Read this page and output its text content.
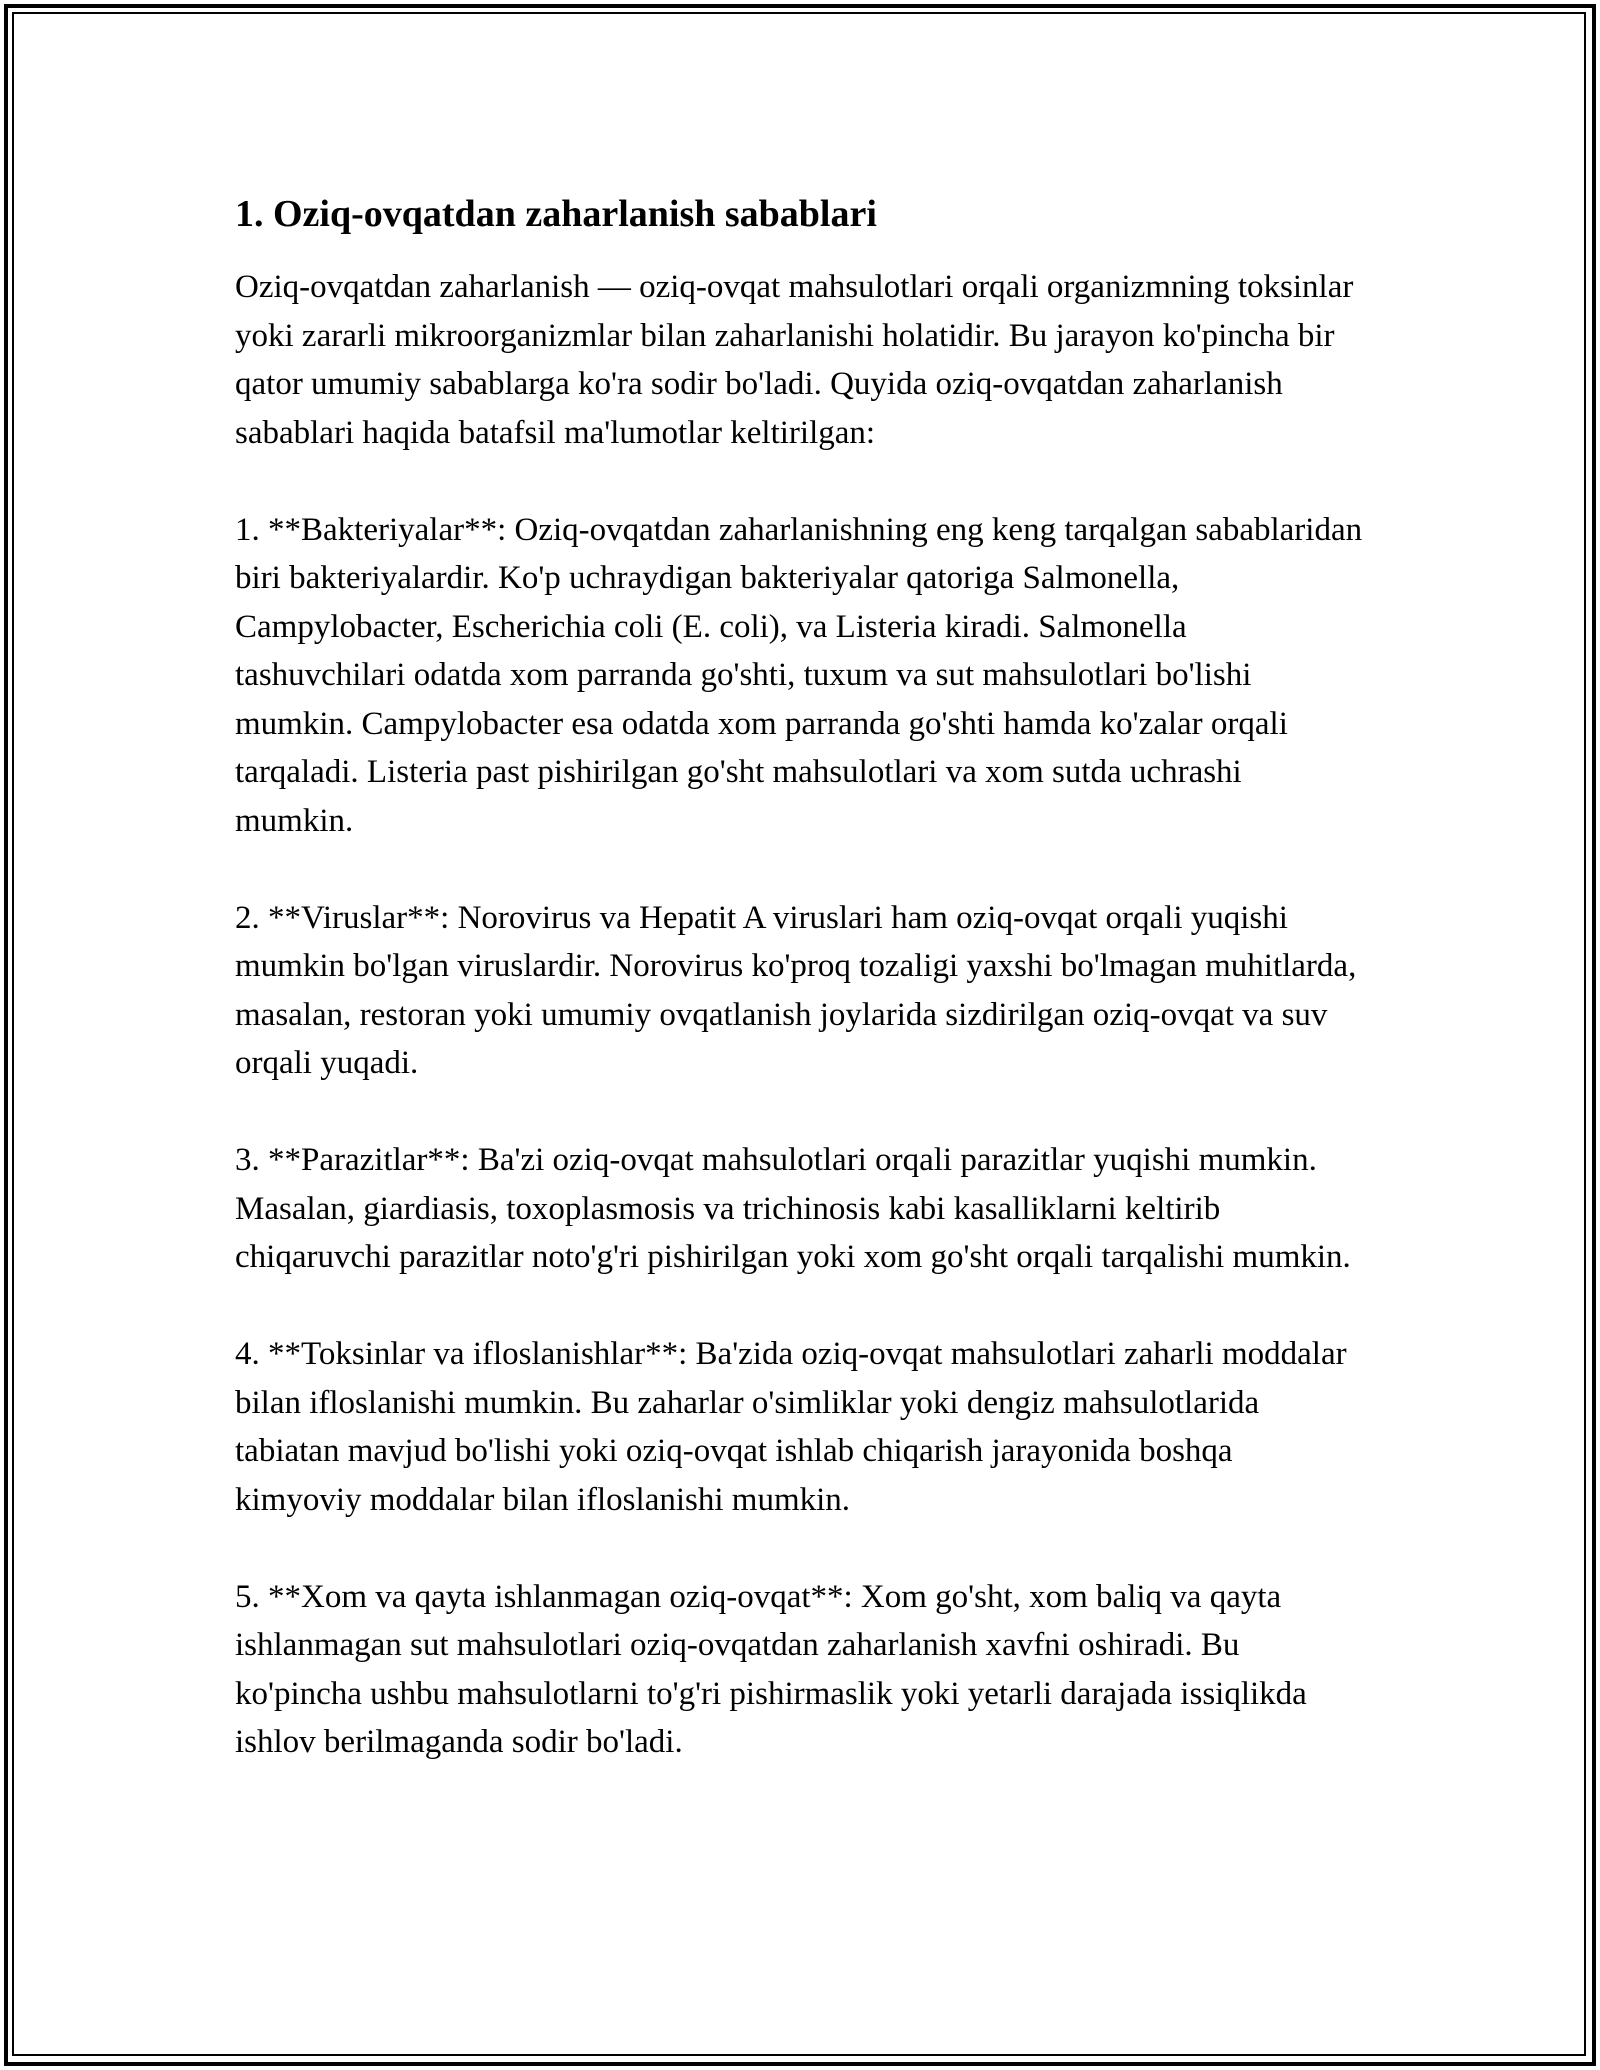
1. Oziq-ovqatdan zaharlanish sabablari

Oziq-ovqatdan zaharlanish — oziq-ovqat mahsulotlari orqali organizmning toksinlar yoki zararli mikroorganizmlar bilan zaharlanishi holatidir. Bu jarayon ko'pincha bir qator umumiy sabablarga ko'ra sodir bo'ladi. Quyida oziq-ovqatdan zaharlanish sabablari haqida batafsil ma'lumotlar keltirilgan:

1. **Bakteriyalar**: Oziq-ovqatdan zaharlanishning eng keng tarqalgan sabablaridan biri bakteriyalardir. Ko'p uchraydigan bakteriyalar qatoriga Salmonella, Campylobacter, Escherichia coli (E. coli), va Listeria kiradi. Salmonella tashuvchilari odatda xom parranda go'shti, tuxum va sut mahsulotlari bo'lishi mumkin. Campylobacter esa odatda xom parranda go'shti hamda ko'zalar orqali tarqaladi. Listeria past pishirilgan go'sht mahsulotlari va xom sutda uchrashi mumkin.

2. **Viruslar**: Norovirus va Hepatit A viruslari ham oziq-ovqat orqali yuqishi mumkin bo'lgan viruslardir. Norovirus ko'proq tozaligi yaxshi bo'lmagan muhitlarda, masalan, restoran yoki umumiy ovqatlanish joylarida sizdirilgan oziq-ovqat va suv orqali yuqadi.

3. **Parazitlar**: Ba'zi oziq-ovqat mahsulotlari orqali parazitlar yuqishi mumkin. Masalan, giardiasis, toxoplasmosis va trichinosis kabi kasalliklarni keltirib chiqaruvchi parazitlar noto'g'ri pishirilgan yoki xom go'sht orqali tarqalishi mumkin.

4. **Toksinlar va ifloslanishlar**: Ba'zida oziq-ovqat mahsulotlari zaharli moddalar bilan ifloslanishi mumkin. Bu zaharlar o'simliklar yoki dengiz mahsulotlarida tabiatan mavjud bo'lishi yoki oziq-ovqat ishlab chiqarish jarayonida boshqa kimyoviy moddalar bilan ifloslanishi mumkin.

5. **Xom va qayta ishlanmagan oziq-ovqat**: Xom go'sht, xom baliq va qayta ishlanmagan sut mahsulotlari oziq-ovqatdan zaharlanish xavfni oshiradi. Bu ko'pincha ushbu mahsulotlarni to'g'ri pishirmaslik yoki yetarli darajada issiqlikda ishlov berilmaganda sodir bo'ladi.
